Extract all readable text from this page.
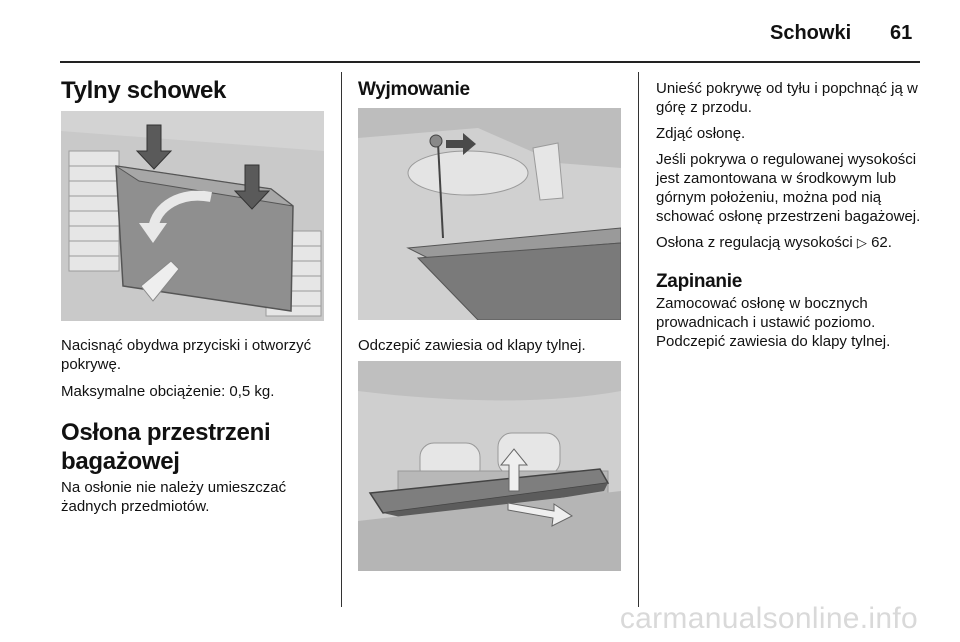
Schowki 61
Tylny schowek

Nacisnąć obydwa przyciski i otworzyć pokrywę.

Maksymalne obciążenie: 0,5 kg.

Osłona przestrzeni bagażowej

Na osłonie nie należy umieszczać żadnych przedmiotów.

Wyjmowanie

Odczepić zawiesia od klapy tylnej.

Unieść pokrywę od tyłu i popchnąć ją w górę z przodu.

Zdjąć osłonę.

Jeśli pokrywa o regulowanej wysokości jest zamontowana w środkowym lub górnym położeniu, można pod nią schować osłonę przestrzeni bagażowej.

Osłona z regulacją wysokości ▷ 62.

Zapinanie

Zamocować osłonę w bocznych prowadnicach i ustawić poziomo. Podczepić zawiesia do klapy tylnej.

carmanualsonline.info
